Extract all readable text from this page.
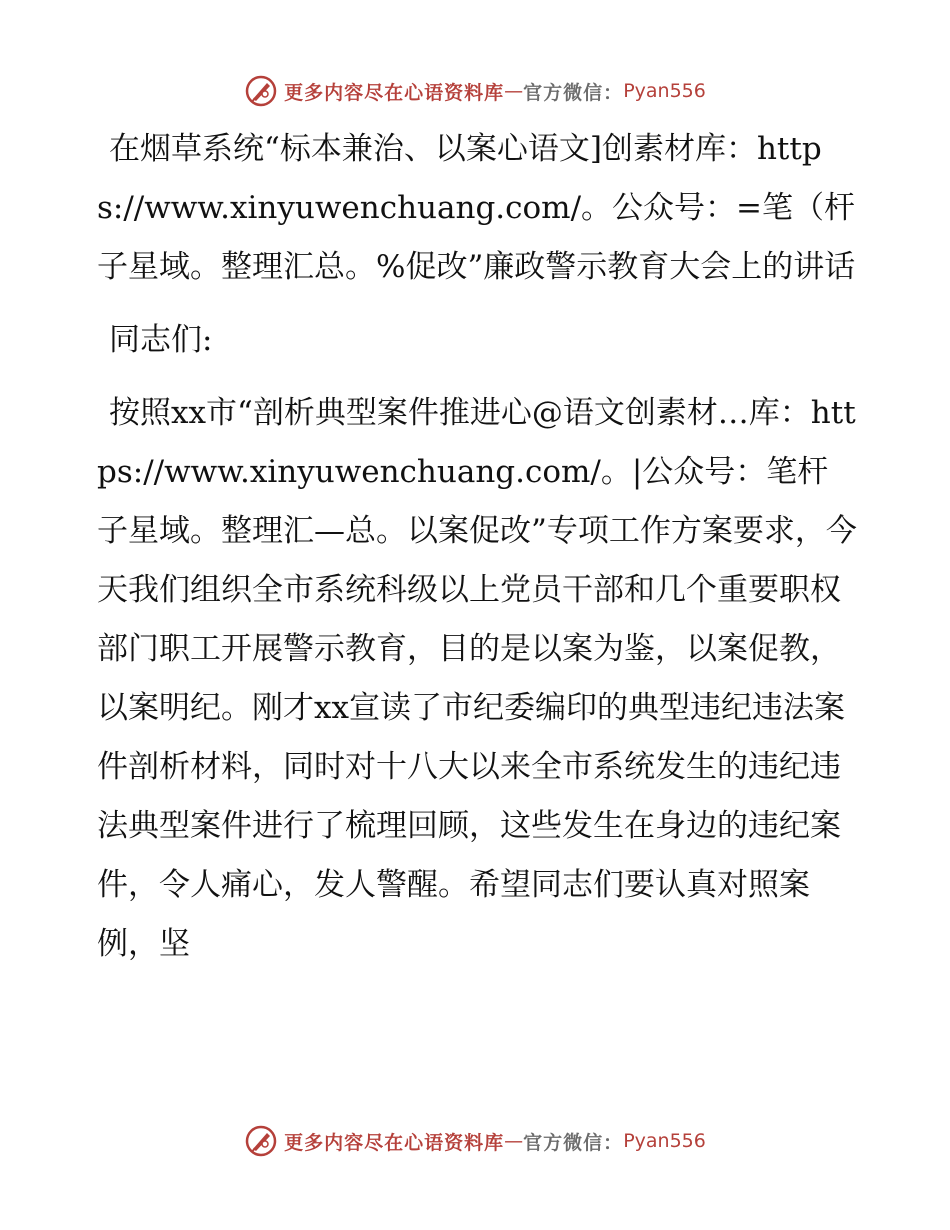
更多内容尽在心语资料库 — 官方微信： Pyan556

在烟草系统“标本兼治、以案心语文]创素材库：https://www.xinyuwenchuang.com/。公众号：=笔（杆子星域。整理汇总。%促改”廉政警示教育大会上的讲话

同志们:

按照xx市“剖析典型案件推进心@语文创素材…库：https://www.xinyuwenchuang.com/。|公众号：笔杆子星域。整理汇—总。以案促改”专项工作方案要求，今天我们组织全市系统科级以上党员干部和几个重要职权部门职工开展警示教育，目的是以案为鉴，以案促教，以案明纪。刚才xx宣读了市纪委编印的典型违纪违法案件剖析材料，同时对十八大以来全市系统发生的违纪违法典型案件进行了梳理回顾，这些发生在身边的违纪案件，令人痛心，发人警醒。希望同志们要认真对照案例，坚

更多内容尽在心语资料库 — 官方微信： Pyan556
